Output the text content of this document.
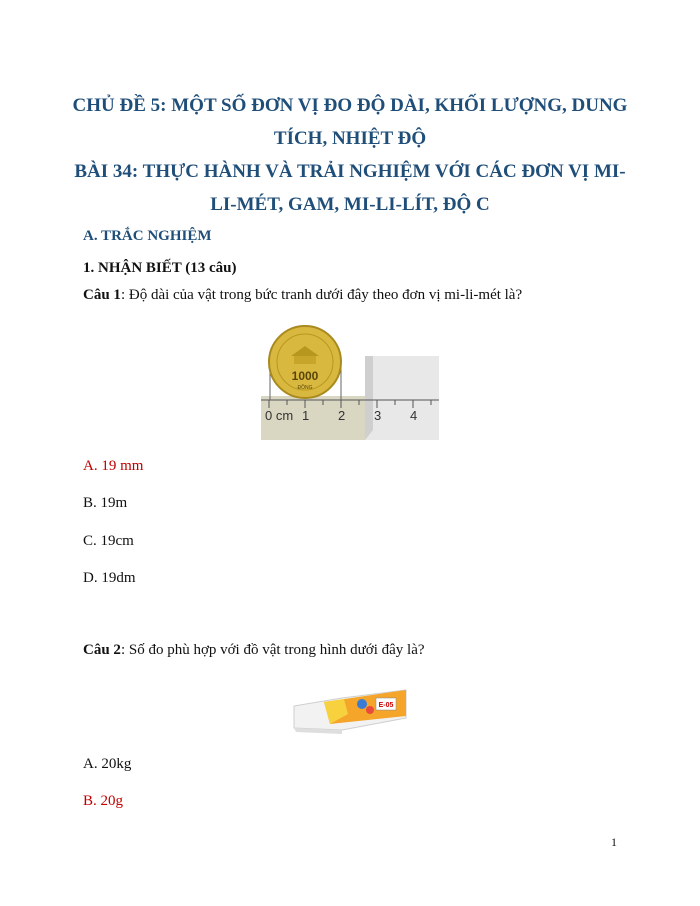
CHỦ ĐỀ 5: MỘT SỐ ĐƠN VỊ ĐO ĐỘ DÀI, KHỐI LƯỢNG, DUNG
TÍCH, NHIỆT ĐỘ
BÀI 34: THỰC HÀNH VÀ TRẢI NGHIỆM VỚI CÁC ĐƠN VỊ MI-
LI-MÉT, GAM, MI-LI-LÍT, ĐỘ C
A. TRẮC NGHIỆM
1. NHẬN BIẾT (13 câu)
Câu 1: Độ dài của vật trong bức tranh dưới đây theo đơn vị mi-li-mét là?
0 cm 1 2 3 4
1000
ĐỒNG
A. 19 mm
B. 19m
C. 19cm
D. 19dm
Câu 2: Số đo phù hợp với đồ vật trong hình dưới đây là?
E-05
A. 20kg
B. 20g
1
